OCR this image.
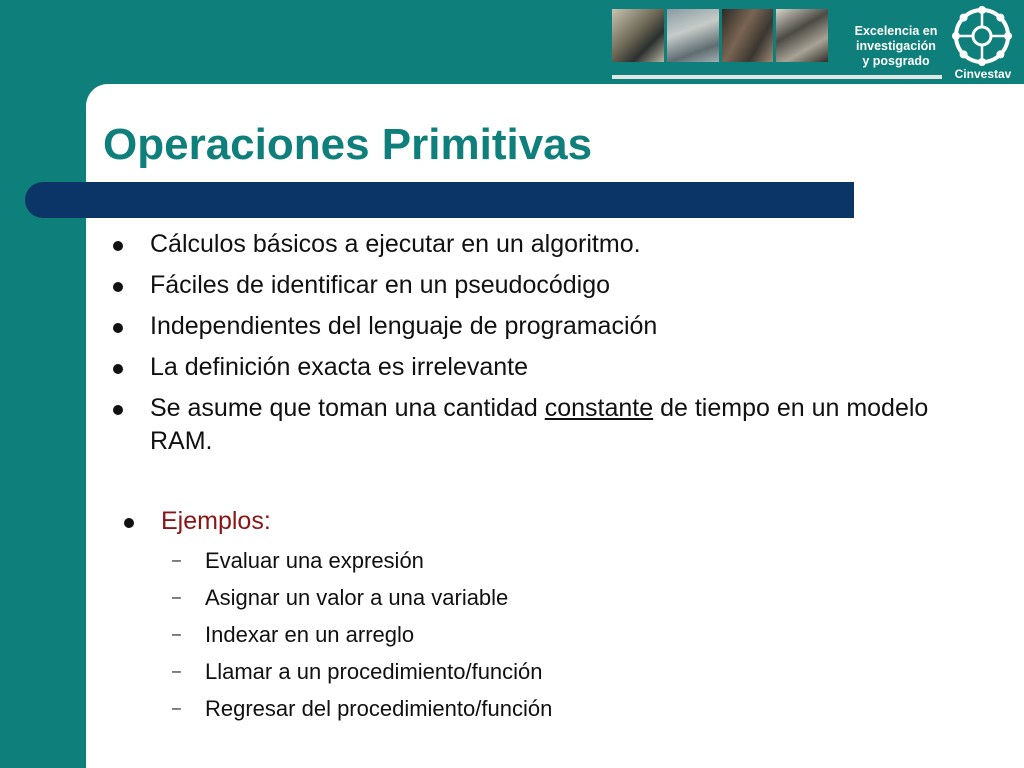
Excelencia en
investigación
y posgrado
Cinvestav
Operaciones Primitivas
Cálculos básicos a ejecutar en un algoritmo.
Fáciles de identificar en un pseudocódigo
Independientes del lenguaje de programación
La definición exacta es irrelevante
Se asume que toman una cantidad constante de tiempo en un modelo RAM.
Ejemplos:
– Evaluar una expresión
– Asignar un valor a una variable
– Indexar en un arreglo
– Llamar a un procedimiento/función
– Regresar del procedimiento/función
